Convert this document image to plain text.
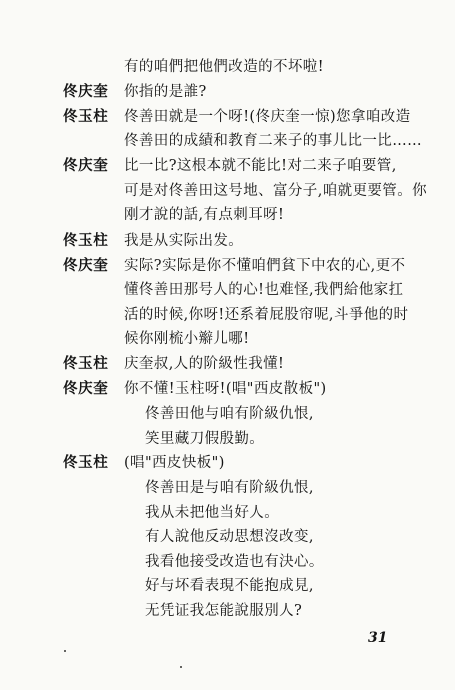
有的咱們把他們改造的不坏啦!
佟庆奎 你指的是誰?
佟玉柱 佟善田就是一个呀!(佟庆奎一惊)您拿咱改造
佟善田的成績和教育二来子的事儿比一比……
佟庆奎 比一比?这根本就不能比!对二来子咱要管,
可是对佟善田这号地、富分子,咱就更要管。你
刚才說的話,有点刺耳呀!
佟玉柱 我是从实际出发。
佟庆奎 实际?实际是你不懂咱們貧下中农的心,更不
懂佟善田那号人的心!也难怪,我們給他家扛
活的时候,你呀!还系着屁股帘呢,斗爭他的时
候你刚梳小辮儿哪!
佟玉柱 庆奎叔,人的阶級性我懂!
佟庆奎 你不懂!玉柱呀!(唱"西皮散板")
佟善田他与咱有阶級仇恨,
笑里藏刀假殷勤。
佟玉柱 (唱"西皮快板")
佟善田是与咱有阶級仇恨,
我从未把他当好人。
有人說他反动思想沒改变,
我看他接受改造也有決心。
好与坏看表現不能抱成見,
无凭证我怎能說服別人?
31
